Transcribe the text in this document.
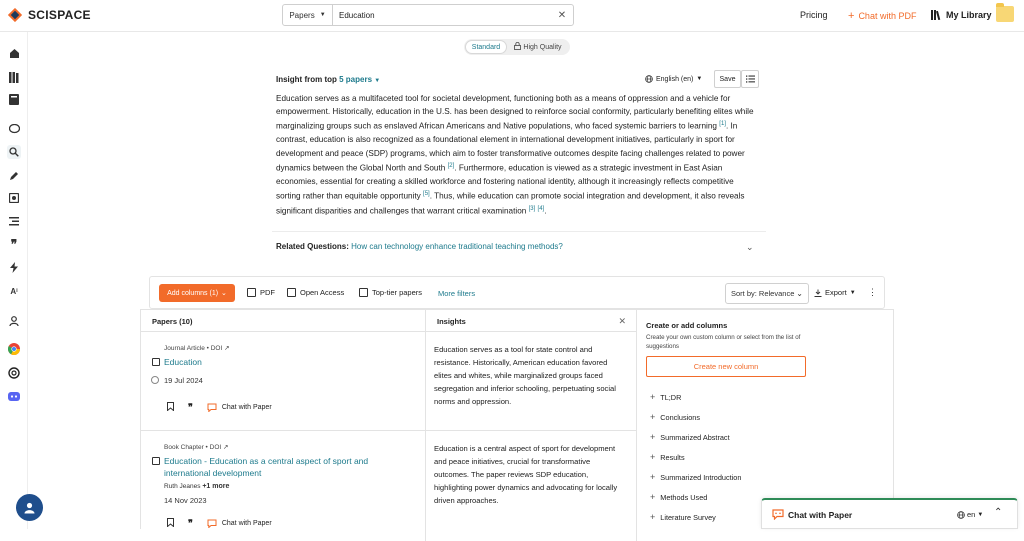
SCISPACE	Papers ▼
Education	✕	Pricing + Chat with PDF	My Library
❞
A i
Standard	High Quality
Insight from top 5 papers ▼	English (en) ▼	Save
Education serves as a multifaceted tool for societal development, functioning both as a means of oppression and a vehicle for empowerment. Historically, education in the U.S. has been designed to reinforce social conformity, particularly benefiting elites while marginalizing groups such as enslaved African Americans and Native populations, who faced systemic barriers to learning [1]. In contrast, education is also recognized as a foundational element in international development initiatives, particularly in sport for development and peace (SDP) programs, which aim to foster transformative outcomes despite facing challenges related to power dynamics between the Global North and South [2]. Furthermore, education is viewed as a strategic investment in East Asian economies, essential for creating a skilled workforce and fostering national identity, although it increasingly reflects competitive sorting rather than equitable opportunity [5]. Thus, while education can promote social integration and development, it also reveals significant disparities and challenges that warrant critical examination [3] [4].
Related Questions: How can technology enhance traditional teaching methods?	⌄
Add columns (1) ⌄	PDF	Open Access	Top-tier papers More filters	Sort by: Relevance ⌄	Export ▼ ⋮
Papers (10)	Insights	✕
Journal Article • DOI ↗
Education
19 Jul 2024
❞	Chat with Paper
Education serves as a tool for state control and resistance. Historically, American education favored elites and whites, while marginalized groups faced segregation and inferior schooling, perpetuating social norms and oppression.
Book Chapter • DOI ↗
Education - Education as a central aspect of sport and international development
Ruth Jeanes +1 more
14 Nov 2023
❞	Chat with Paper
Education is a central aspect of sport for development and peace initiatives, crucial for transformative outcomes. The paper reviews SDP education, highlighting power dynamics and advocating for locally driven approaches.
Create or add columns
Create your own custom column or select from the list of suggestions
Create new column
+ TL;DR
+ Conclusions
+ Summarized Abstract
+ Results
+ Summarized Introduction
+ Methods Used
+ Literature Survey	Chat with Paper	en ▼ ⌃
